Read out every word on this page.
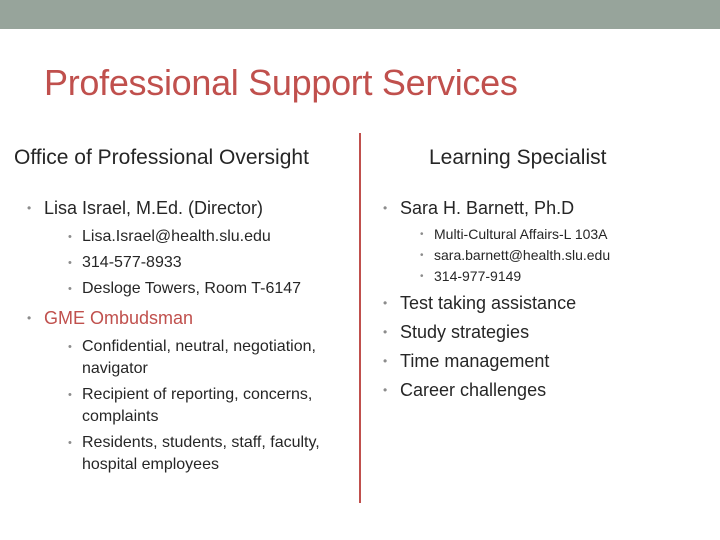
Professional Support Services
Office of Professional Oversight	Learning Specialist
• Lisa Israel, M.Ed. (Director)
• Lisa.Israel@health.slu.edu
• 314-577-8933
• Desloge Towers, Room T-6147
• GME Ombudsman
• Confidential, neutral, negotiation, navigator
• Recipient of reporting, concerns, complaints
• Residents, students, staff, faculty, hospital employees
• Sara H. Barnett, Ph.D
• Multi-Cultural Affairs-L 103A
• sara.barnett@health.slu.edu
• 314-977-9149
• Test taking assistance
• Study strategies
• Time management
• Career challenges
